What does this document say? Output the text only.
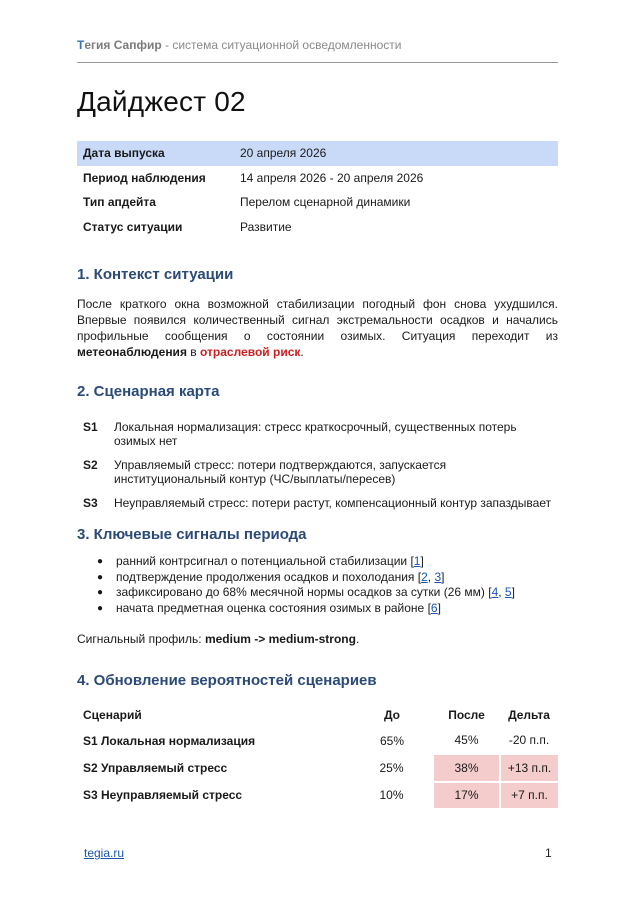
Tегия Сапфир - система ситуационной осведомленности
Дайджест 02
Дата выпуска	20 апреля 2026
Период наблюдения	14 апреля 2026 - 20 апреля 2026
Тип апдейта	Перелом сценарной динамики
Статус ситуации	Развитие
1. Контекст ситуации

После краткого окна возможной стабилизации погодный фон снова ухудшился. Впервые появился количественный сигнал экстремальности осадков и начались профильные сообщения о состоянии озимых. Ситуация переходит из метеонаблюдения в отраслевой риск.

2. Сценарная карта
S1 Локальная нормализация: стресс краткосрочный, существенных потерь озимых нет
S2 Управляемый стресс: потери подтверждаются, запускается институциональный контур (ЧС/выплаты/пересев)
S3 Неуправляемый стресс: потери растут, компенсационный контур запаздывает
3. Ключевые сигналы периода
● ранний контрсигнал о потенциальной стабилизации [1]
● подтверждение продолжения осадков и похолодания [2, 3]
● зафиксировано до 68% месячной нормы осадков за сутки (26 мм) [4, 5]
● начата предметная оценка состояния озимых в районе [6]

Сигнальный профиль: medium -> medium-strong.

4. Обновление вероятностей сценариев
Сценарий	До	После	Дельта
S1 Локальная нормализация	65%	45%	-20 п.п.
S2 Управляемый стресс	25%	38%	+13 п.п.
S3 Неуправляемый стресс	10%	17%	+7 п.п.
tegia.ru	1
